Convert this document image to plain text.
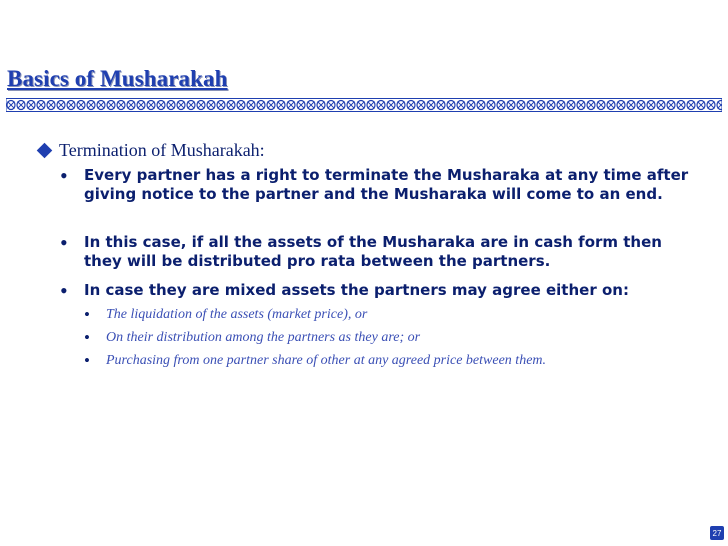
Basics of Musharakah
Termination of Musharakah:
• Every partner has a right to terminate the Musharaka at any time after giving notice to the partner and the Musharaka will come to an end.
• In this case, if all the assets of the Musharaka are in cash form then they will be distributed pro rata between the partners.
• In case they are mixed assets the partners may agree either on:
• The liquidation of the assets (market price), or
• On their distribution among the partners as they are; or
• Purchasing from one partner share of other at any agreed price between them.
27
